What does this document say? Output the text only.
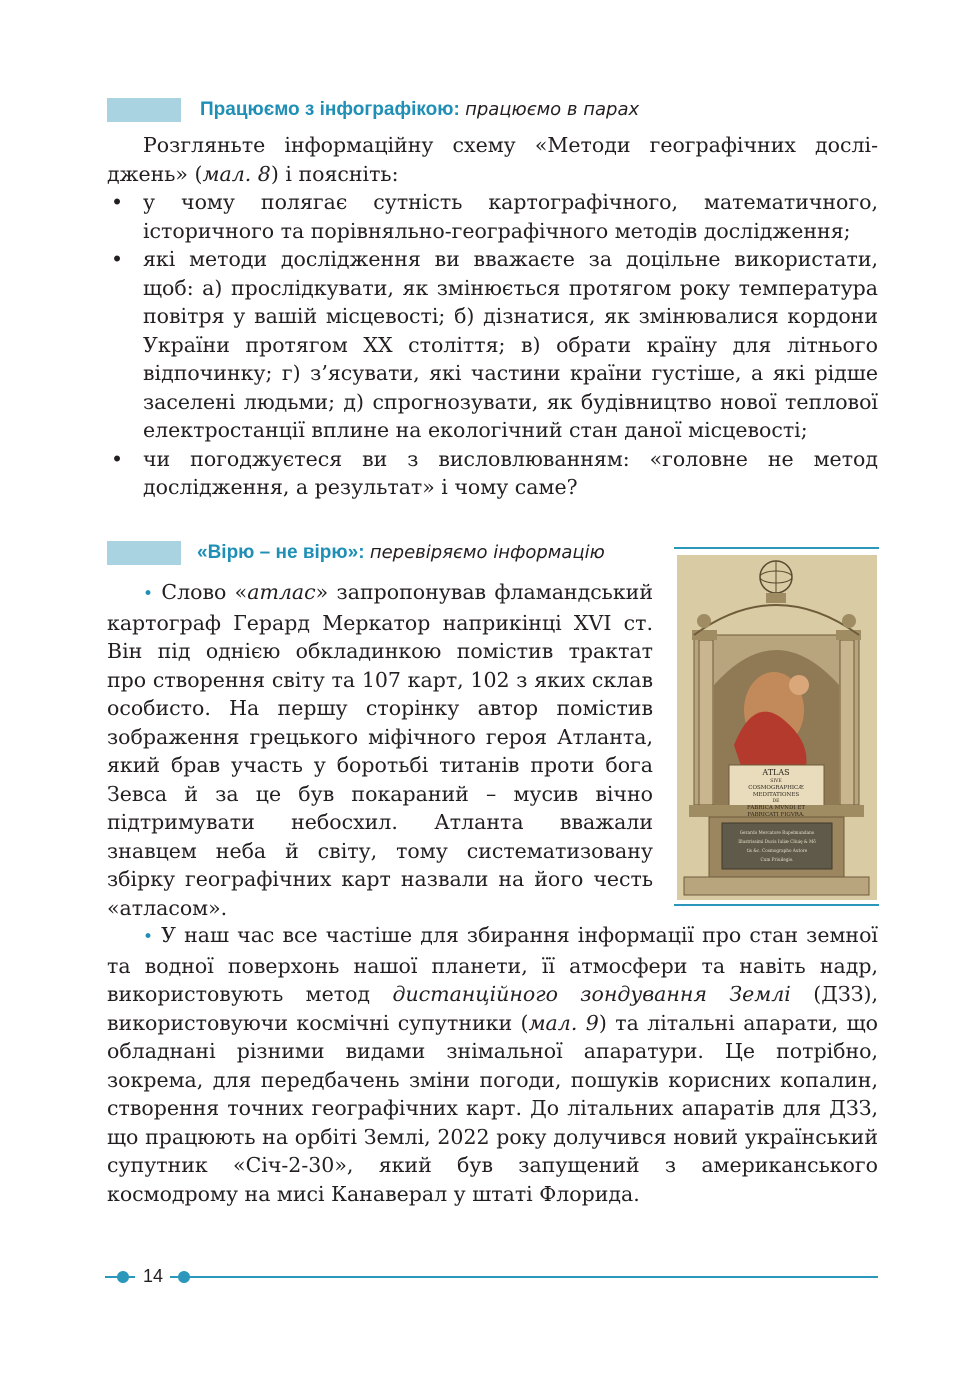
Працюємо з інфографікою: працюємо в парах

Розгляньте інформаційну схему «Методи географічних дослі-джень» (мал. 8) і поясніть:

• у чому полягає сутність картографічного, математичного, історичного та порівняльно-географічного методів дослідження;
• які методи дослідження ви вважаєте за доцільне використати, щоб: а) прослідкувати, як змінюється протягом року температура повітря у вашій місцевості; б) дізнатися, як змінювалися кордони України протягом XX століття; в) обрати країну для літнього відпочинку; г) з’ясувати, які частини країни густіше, а які рідше заселені людьми; д) спрогнозувати, як будівництво нової теплової електростанції вплине на екологічний стан даної місцевості;
• чи погоджуєтеся ви з висловлюванням: «головне не метод дослідження, а результат» і чому саме?
«Вірю – не вірю»: перевіряємо інформацію

• Слово «атлас» запропонував фламандський картограф Герард Меркатор наприкінці XVI ст. Він під однією обкладинкою помістив трактат про створення світу та 107 карт, 102 з яких склав особисто. На першу сторінку автор помістив зображення грецького міфічного героя Атланта, який брав участь у боротьбі титанів проти бога Зевса й за це був покараний – мусив вічно підтримувати небосхил. Атланта вважали знавцем неба й світу, тому систематизовану збірку географічних карт назвали на його честь «атласом».

ATLAS
SIVE
COSMOGRAPHICÆ
MEDITATIONES
DE
FABRICA MVNDI ET
FABRICATI FIGVRA.
Gerardo Mercatore Rupelmundano
Illustrissimi Ducis Iuliæ Cliuię & Mõ
tis &c. Cosmographo Autore
Cum Priuilegio.

• У наш час все частіше для збирання інформації про стан земної та водної поверхонь нашої планети, її атмосфери та навіть надр, використовують метод дистанційного зондування Землі (ДЗЗ), використовуючи космічні супутники (мал. 9) та літальні апарати, що обладнані різними видами знімальної апаратури. Це потрібно, зокрема, для передбачень зміни погоди, пошуків корисних копалин, створення точних географічних карт. До літальних апаратів для ДЗЗ, що працюють на орбіті Землі, 2022 року долучився новий український супутник «Січ-2-30», який був запущений з американського космодрому на мисі Канаверал у штаті Флорида.

14
